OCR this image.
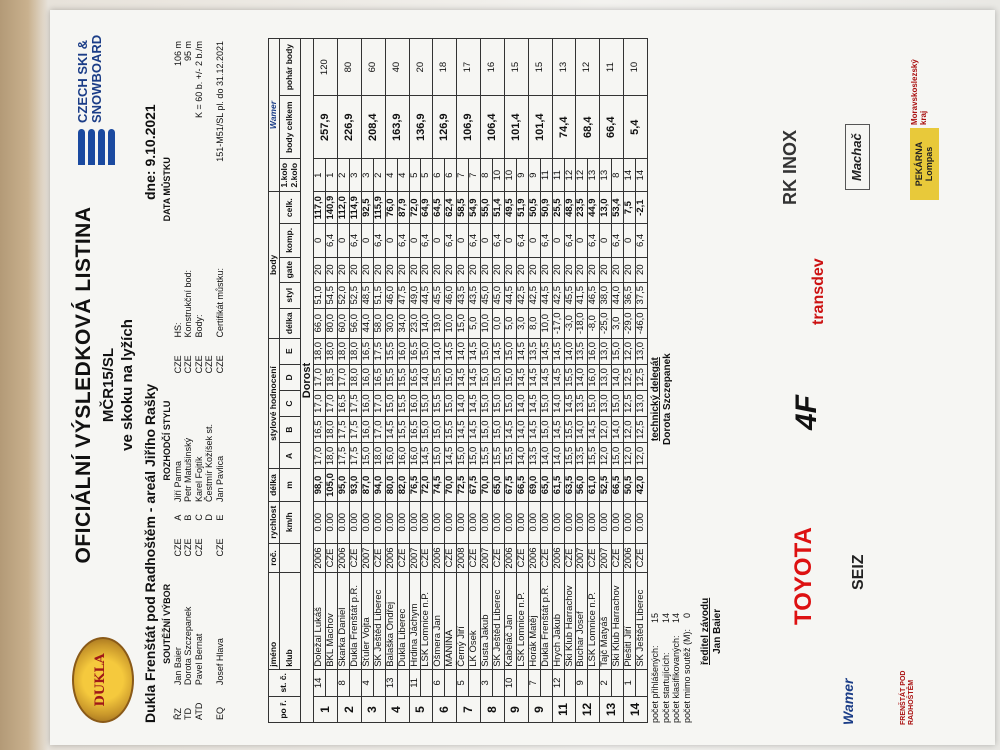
DUKLA
OFICIÁLNÍ VÝSLEDKOVÁ LISTINA MČR15/SL ve skoku na lyžích
CZECH SKI & SNOWBOARD
Dukla Frenštát pod Radhoštěm - areál Jiřího Rašky
dne: 9.10.2021
	SOUTĚŽNÍ VÝBOR			ROZHODČÍ STYLU		DATA MŮSTKU	
ŘZ	Jan Baier	CZE	A	Jiří Parma	CZE	HS:	106 m
TD	Dorota Szczepanek	CZE	B	Petr Matušinský	CZE	Konstrukční bod:	95 m
ATD	Pavel Bernat	CZE	C	Karel Fojtík	CZE	Body:	K = 60 b. +/- 2 b./m
			D	Čestmír Kožíšek st.	CZE		
EQ	Josef Hlava	CZE	E	Jan Pavlica	CZE	Certifikát můstku:	151-M51/SL pl. do 31.12.2021
po ř.	st. č.	jméno	roč.	rychlost	délka	stylové hodnocení					body					Wamer		
		klub		km/h	m	A	B	C	D	E	délka	styl	gate	komp.	celk.	1.kolo
2.kolo	body celkem	pohár body
Dorost																		
1	14	Doležal Lukáš	2006	0.00	98,0	17,0	16,5	17,0	17,0	18,0	66,0	51,0	20	0	117,0	1	257,9	120
		BKL Machov	CZE	0.00	105,0	18,0	18,0	17,0	18,5	18,0	80,0	54,5	20	6,4	140,9	1		
2	8	Skarka Daniel	2006	0.00	95,0	17,5	17,5	16,5	17,0	18,0	60,0	52,0	20	0	112,0	2	226,9	80
		Dukla Frenštát p.R.	CZE	0.00	93,0	17,5	17,5	17,5	18,0	18,0	56,0	52,5	20	6,4	114,9	3		
3	4	Šťuler Vojta	2007	0.00	87,0	15,0	16,0	16,0	16,0	16,5	44,0	48,5	20	0	92,5	3	208,4	60
		SK Ještěd Liberec	CZE	0.00	94,0	18,0	17,0	17,0	16,5	17,5	58,0	51,5	20	6,4	115,9	2		
4	13	Balaška Ondřej	2006	0.00	80,0	16,0	14,5	15,0	15,5	15,5	30,0	46,0	20	0	76,0	4	163,9	40
		Dukla Liberec	CZE	0.00	82,0	16,0	15,5	15,5	15,5	16,0	34,0	47,5	20	6,4	87,9	4		
5	11	Hrdina Jáchym	2007	0.00	76,5	16,0	16,5	16,0	16,5	16,5	23,0	49,0	20	0	72,0	5	136,9	20
		LSK Lomnice n.P.	CZE	0.00	72,0	14,5	15,0	15,0	14,0	15,0	14,0	44,5	20	6,4	64,9	5		
6	6	Ošmera Jan	2006	0.00	74,5	15,0	15,0	15,5	15,5	14,0	19,0	45,5	20	0	64,5	6	126,9	18
		MANINA	CZE	0.00	70,0	14,5	15,5	15,0	15,0	14,5	10,0	46,0	20	6,4	62,4	6		
7	5	Černý Jiří	2008	0.00	72,5	15,0	14,5	14,0	14,5	14,0	15,0	43,5	20	0	58,5	7	106,9	17
		LK Osek	CZE	0.00	67,5	15,0	14,5	14,5	14,5	14,5	5,0	43,5	20	6,4	54,9	7		
8	3	Susta Jakub	2007	0.00	70,0	15,5	15,0	15,0	15,0	15,0	10,0	45,0	20	0	55,0	8	106,4	16
		SK Ještěd Liberec	CZE	0.00	65,0	15,5	15,0	15,0	15,0	14,5	0,0	45,0	20	6,4	51,4	10		
9	10	Kabeláč Jan	2006	0.00	67,5	15,5	14,5	15,0	15,0	15,0	5,0	44,5	20	0	49,5	10	101,4	15
		LSK Lomnice n.P.	CZE	0.00	66,5	14,0	14,0	14,0	14,5	14,5	3,0	42,5	20	6,4	51,9	9		
9	7	Horák Matěj	2006	0.00	69,0	13,5	14,5	14,5	14,5	13,5	8,0	42,5	20	0	50,5	9	101,4	15
		Dukla Frenštát p.R.	CZE	0.00	65,0	14,0	15,0	15,0	14,5	14,5	10,0	44,5	20	6,4	50,9	11		
11	12	Hrych Jakub	2006	0.00	61,5	14,0	14,5	14,0	14,5	14,5	-17,0	42,5	20	0	25,5	11	74,4	13
		Ski Klub Harrachov	CZE	0.00	63,5	15,5	15,5	14,5	15,5	14,0	-3,0	45,5	20	6,4	48,9	12		
12	9	Buchar Josef	2007	0.00	56,0	13,5	14,0	13,5	14,0	13,5	-18,0	41,5	20	0	23,5	12	68,4	12
		LSK Lomnice n.P.	CZE	0.00	61,0	15,5	14,5	15,0	16,0	16,0	-8,0	46,5	20	6,4	44,9	13		
13	2	Tajč Matyáš	2007	0.00	52,5	12,0	12,0	13,0	13,0	13,0	-25,0	38,0	20	0	13,0	13	66,4	11
		Ski Klub Harrachov	CZE	0.00	66,5	15,0	14,0	15,0	14,0	15,0	3,0	44,0	20	6,4	53,4	8		
14	1	Plešitl Jiří	2006	0.00	50,5	12,0	12,0	12,5	12,5	12,0	-29,0	36,5	20	0	7,5	14	5,4	10
		SK Ještěd Liberec	CZE	0.00	42,0	12,0	12,5	13,0	12,5	13,0	-46,0	37,5	20	6,4	-2,1	14		
počet přihlášených:	15
počet startujících:	14
počet klasifikovaných:	14
počet mimo soutěž (M):	0 ředitel závodu Jan Baier
technický delegát Dorota Szczepanek
TOYOTA SEIZ
4F
transdev
RK INOX	Machač	PEKÁRNA Lompas
Moravskoslezský kraj
Wamer	FRENŠTÁT POD RADHOŠTĚM
